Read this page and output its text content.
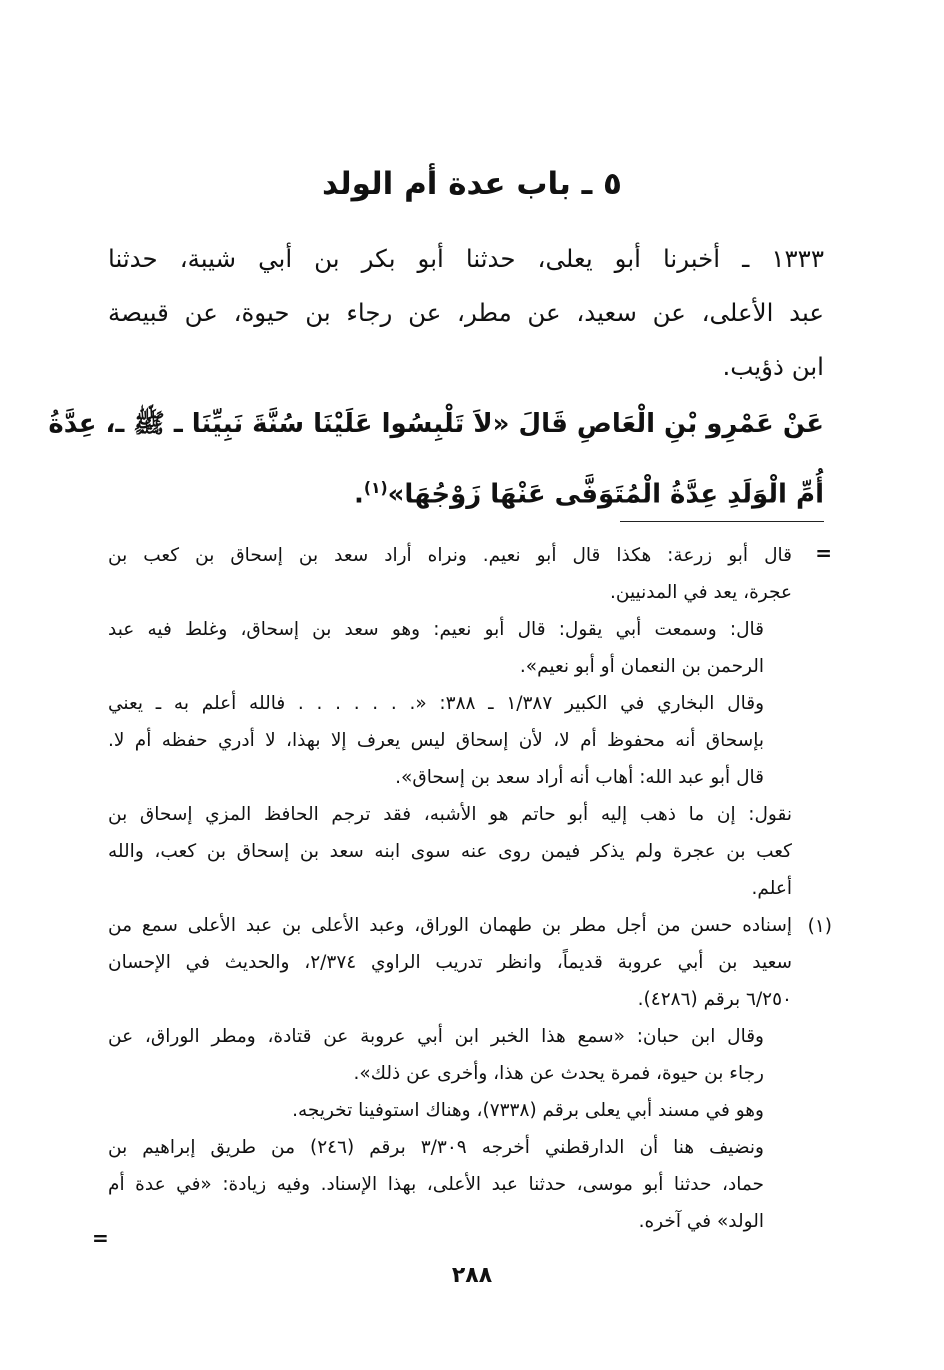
٥ ـ باب عدة أم الولد
١٣٣٣ ـ أخبرنا أبو يعلى، حدثنا أبو بكر بن أبي شيبة، حدثنا
عبد الأعلى، عن سعيد، عن مطر، عن رجاء بن حيوة، عن قبيصة
ابن ذؤيب.
عَنْ عَمْرِو بْنِ الْعَاصِ قَالَ «لاَ تَلْبِسُوا عَلَيْنَا سُنَّةَ نَبِيِّنَا ـ ﷺ ـ، عِدَّةُ
أُمِّ الْوَلَدِ عِدَّةُ الْمُتَوَفَّى عَنْهَا زَوْجُهَا»$^{(١)}$.
=
قال أبو زرعة: هكذا قال أبو نعيم. ونراه أراد سعد بن إسحاق بن كعب بن
عجرة، يعد في المدنيين.
قال: وسمعت أبي يقول: قال أبو نعيم: وهو سعد بن إسحاق، وغلط فيه عبد
الرحمن بن النعمان أو أبو نعيم».
وقال البخاري في الكبير ١/٣٨٧ ـ ٣٨٨: «. . . . . . . فالله أعلم به ـ يعني
بإسحاق أنه محفوظ أم لا، لأن إسحاق ليس يعرف إلا بهذا، لا أدري حفظه أم لا.
قال أبو عبد الله: أهاب أنه أراد سعد بن إسحاق».
نقول: إن ما ذهب إليه أبو حاتم هو الأشبه، فقد ترجم الحافظ المزي إسحاق بن
كعب بن عجرة ولم يذكر فيمن روى عنه سوى ابنه سعد بن إسحاق بن كعب، والله
أعلم.
إسناده حسن من أجل مطر بن طهمان الوراق، وعبد الأعلى بن عبد الأعلى سمع من
سعيد بن أبي عروبة قديماً، وانظر تدريب الراوي ٢/٣٧٤، والحديث في الإحسان
٦/٢٥٠ برقم (٤٢٨٦).
وقال ابن حبان: «سمع هذا الخبر ابن أبي عروبة عن قتادة، ومطر الوراق، عن
رجاء بن حيوة، فمرة يحدث عن هذا، وأخرى عن ذلك».
وهو في مسند أبي يعلى برقم (٧٣٣٨)، وهناك استوفينا تخريجه.
ونضيف هنا أن الدارقطني أخرجه ٣/٣٠٩ برقم (٢٤٦) من طريق إبراهيم بن
حماد، حدثنا أبو موسى، حدثنا عبد الأعلى، بهذا الإسناد. وفيه زيادة: «في عدة أم
الولد» في آخره.
(١)
=
٢٨٨
